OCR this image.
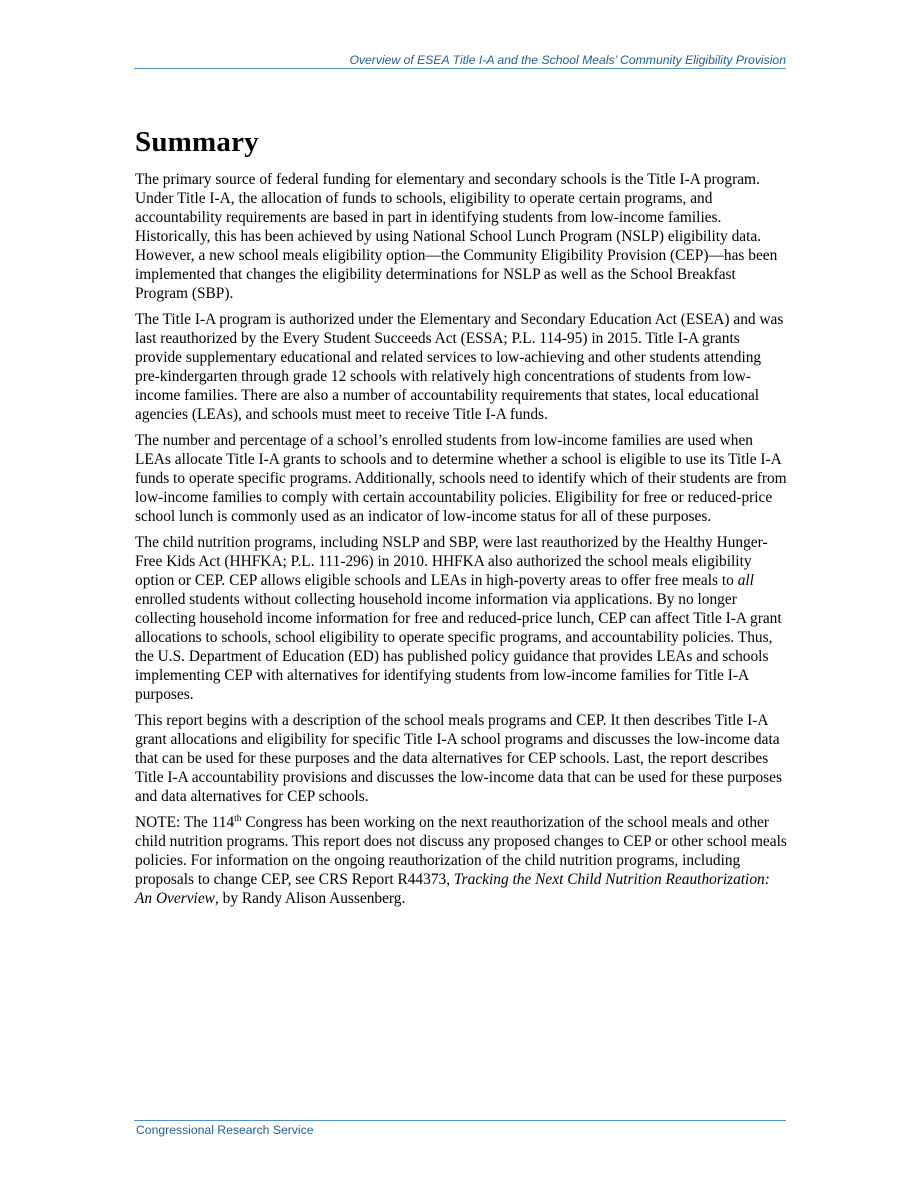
Overview of ESEA Title I-A and the School Meals’ Community Eligibility Provision
Summary

The primary source of federal funding for elementary and secondary schools is the Title I-A program. Under Title I-A, the allocation of funds to schools, eligibility to operate certain programs, and accountability requirements are based in part in identifying students from low-income families. Historically, this has been achieved by using National School Lunch Program (NSLP) eligibility data. However, a new school meals eligibility option—the Community Eligibility Provision (CEP)—has been implemented that changes the eligibility determinations for NSLP as well as the School Breakfast Program (SBP).

The Title I-A program is authorized under the Elementary and Secondary Education Act (ESEA) and was last reauthorized by the Every Student Succeeds Act (ESSA; P.L. 114-95) in 2015. Title I-A grants provide supplementary educational and related services to low-achieving and other students attending pre-kindergarten through grade 12 schools with relatively high concentrations of students from low-income families. There are also a number of accountability requirements that states, local educational agencies (LEAs), and schools must meet to receive Title I-A funds.

The number and percentage of a school’s enrolled students from low-income families are used when LEAs allocate Title I-A grants to schools and to determine whether a school is eligible to use its Title I-A funds to operate specific programs. Additionally, schools need to identify which of their students are from low-income families to comply with certain accountability policies. Eligibility for free or reduced-price school lunch is commonly used as an indicator of low-income status for all of these purposes.

The child nutrition programs, including NSLP and SBP, were last reauthorized by the Healthy Hunger-Free Kids Act (HHFKA; P.L. 111-296) in 2010. HHFKA also authorized the school meals eligibility option or CEP. CEP allows eligible schools and LEAs in high-poverty areas to offer free meals to all enrolled students without collecting household income information via applications. By no longer collecting household income information for free and reduced-price lunch, CEP can affect Title I-A grant allocations to schools, school eligibility to operate specific programs, and accountability policies. Thus, the U.S. Department of Education (ED) has published policy guidance that provides LEAs and schools implementing CEP with alternatives for identifying students from low-income families for Title I-A purposes.

This report begins with a description of the school meals programs and CEP. It then describes Title I-A grant allocations and eligibility for specific Title I-A school programs and discusses the low-income data that can be used for these purposes and the data alternatives for CEP schools. Last, the report describes Title I-A accountability provisions and discusses the low-income data that can be used for these purposes and data alternatives for CEP schools.

NOTE: The 114th Congress has been working on the next reauthorization of the school meals and other child nutrition programs. This report does not discuss any proposed changes to CEP or other school meals policies. For information on the ongoing reauthorization of the child nutrition programs, including proposals to change CEP, see CRS Report R44373, Tracking the Next Child Nutrition Reauthorization: An Overview, by Randy Alison Aussenberg.

Congressional Research Service
